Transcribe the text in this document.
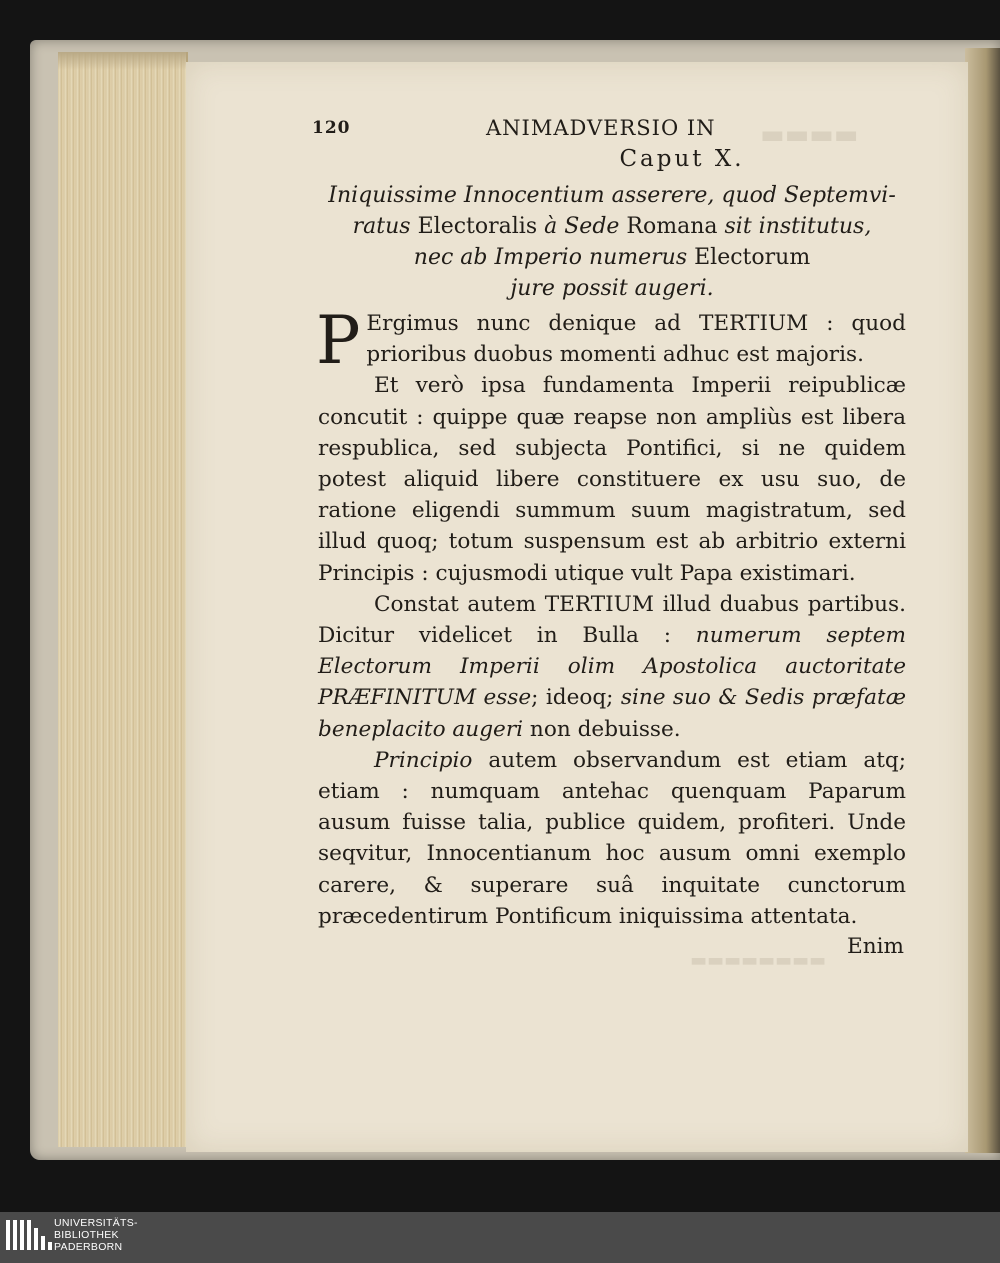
▬▬▬▬
▬▬▬▬▬▬▬▬
120	ANIMADVERSIO IN
Caput X.

Iniquissime Innocentium asserere, quod Septemvi-
ratus Electoralis à Sede Romana sit institutus,
nec ab Imperio numerus Electorum
jure possit augeri.

P Ergimus nunc denique ad TERTIUM : quod prioribus duobus momenti adhuc est majoris.

Et verò ipsa fundamenta Imperii reipublicæ concutit : quippe quæ reapse non ampliùs est libera respublica, sed subjecta Pontifici, si ne quidem potest aliquid libere constituere ex usu suo, de ratione eligendi summum suum magistratum, sed illud quoq; totum suspensum est ab arbitrio externi Principis : cujusmodi utique vult Papa existimari.

Constat autem TERTIUM illud duabus partibus. Dicitur videlicet in Bulla : numerum septem Electorum Imperii olim Apostolica auctoritate PRÆFINITUM esse; ideoq; sine suo & Sedis præfatæ beneplacito augeri non debuisse.

Principio autem observandum est etiam atq; etiam : numquam antehac quenquam Paparum ausum fuisse talia, publice quidem, profiteri. Unde seqvitur, Innocentianum hoc ausum omni exemplo carere, & superare suâ inquitate cunctorum præcedentirum Pontificum iniquissima attentata.

Enim
UNIVERSITÄTS-
BIBLIOTHEK
PADERBORN
